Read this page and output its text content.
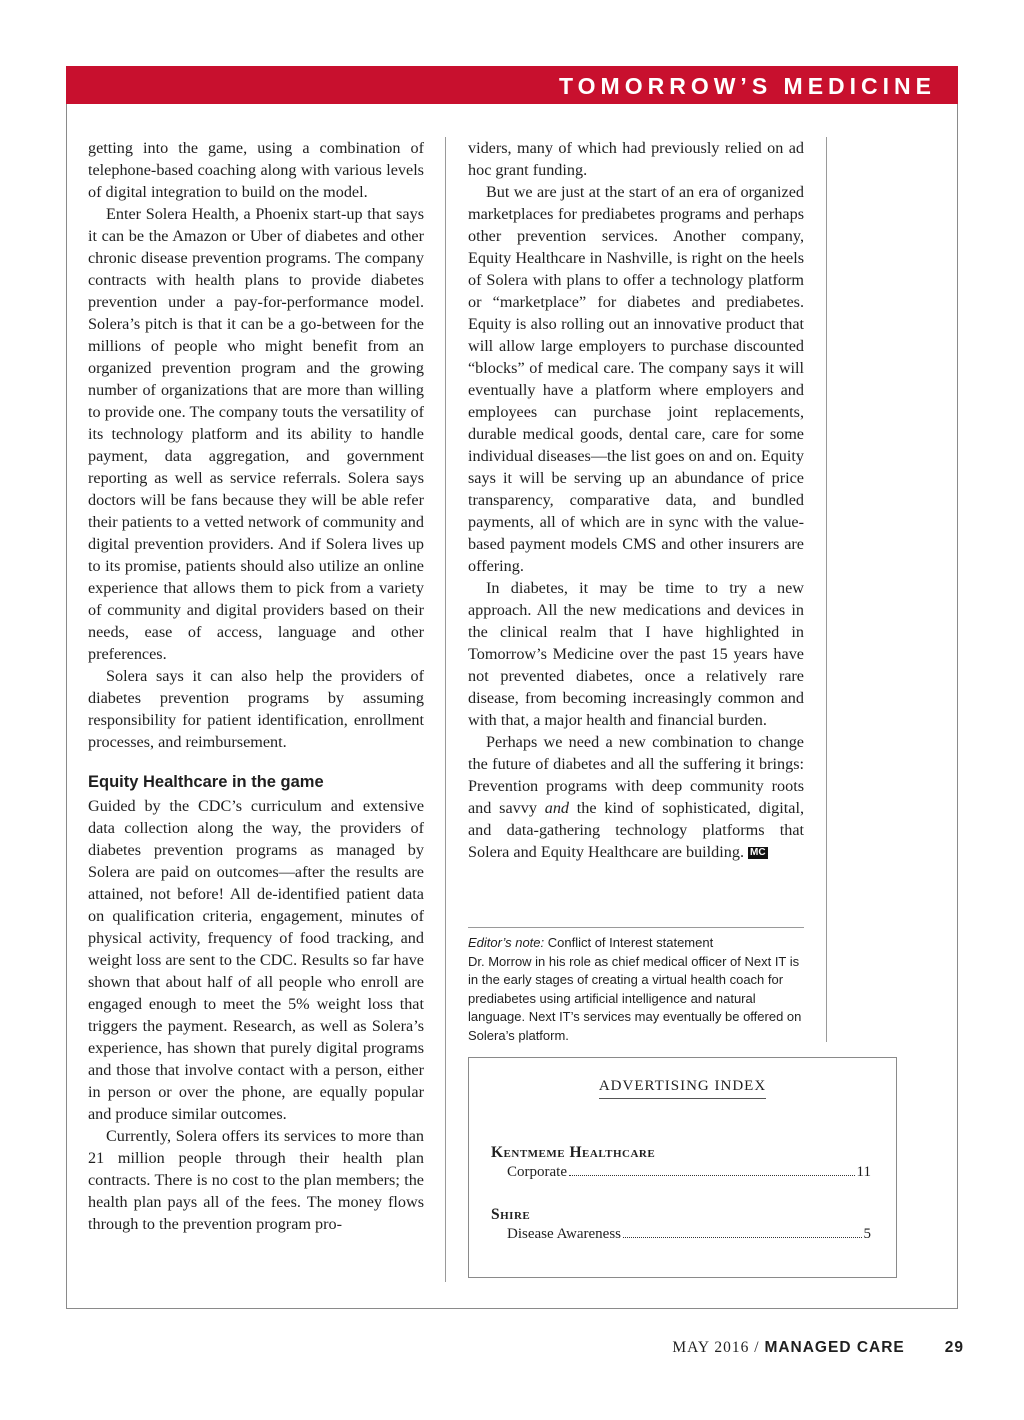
TOMORROW’S MEDICINE

getting into the game, using a combination of telephone-based coaching along with various levels of digital integration to build on the model.

Enter Solera Health, a Phoenix start-up that says it can be the Amazon or Uber of diabetes and other chronic disease prevention programs. The company contracts with health plans to provide diabetes prevention under a pay-for-performance model. Solera’s pitch is that it can be a go-between for the millions of people who might benefit from an organized prevention program and the growing number of organizations that are more than willing to provide one. The company touts the versatility of its technology platform and its ability to handle payment, data aggregation, and government reporting as well as service referrals. Solera says doctors will be fans because they will be able refer their patients to a vetted network of community and digital prevention providers. And if Solera lives up to its promise, patients should also utilize an online experience that allows them to pick from a variety of community and digital providers based on their needs, ease of access, language and other preferences.

Solera says it can also help the providers of diabetes prevention programs by assuming responsibility for patient identification, enrollment processes, and reimbursement.

Equity Healthcare in the game

Guided by the CDC’s curriculum and extensive data collection along the way, the providers of diabetes prevention programs as managed by Solera are paid on outcomes—after the results are attained, not before! All de-identified patient data on qualification criteria, engagement, minutes of physical activity, frequency of food tracking, and weight loss are sent to the CDC. Results so far have shown that about half of all people who enroll are engaged enough to meet the 5% weight loss that triggers the payment. Research, as well as Solera’s experience, has shown that purely digital programs and those that involve contact with a person, either in person or over the phone, are equally popular and produce similar outcomes.

Currently, Solera offers its services to more than 21 million people through their health plan contracts. There is no cost to the plan members; the health plan pays all of the fees. The money flows through to the prevention program pro-

viders, many of which had previously relied on ad hoc grant funding.

But we are just at the start of an era of organized marketplaces for prediabetes programs and perhaps other prevention services. Another company, Equity Healthcare in Nashville, is right on the heels of Solera with plans to offer a technology platform or “marketplace” for diabetes and prediabetes. Equity is also rolling out an innovative product that will allow large employers to purchase discounted “blocks” of medical care. The company says it will eventually have a platform where employers and employees can purchase joint replacements, durable medical goods, dental care, care for some individual diseases—the list goes on and on. Equity says it will be serving up an abundance of price transparency, comparative data, and bundled payments, all of which are in sync with the value-based payment models CMS and other insurers are offering.

In diabetes, it may be time to try a new approach. All the new medications and devices in the clinical realm that I have highlighted in Tomorrow’s Medicine over the past 15 years have not prevented diabetes, once a relatively rare disease, from becoming increasingly common and with that, a major health and financial burden.

Perhaps we need a new combination to change the future of diabetes and all the suffering it brings: Prevention programs with deep community roots and savvy and the kind of sophisticated, digital, and data-gathering technology platforms that Solera and Equity Healthcare are building. MC

Editor’s note: Conflict of Interest statement
Dr. Morrow in his role as chief medical officer of Next IT is in the early stages of creating a virtual health coach for prediabetes using artificial intelligence and natural language. Next IT’s services may eventually be offered on Solera’s platform.
ADVERTISING INDEX
Kentmeme Healthcare
Corporate	11
Shire
Disease Awareness	5
MAY 2016 / MANAGED CARE	29
